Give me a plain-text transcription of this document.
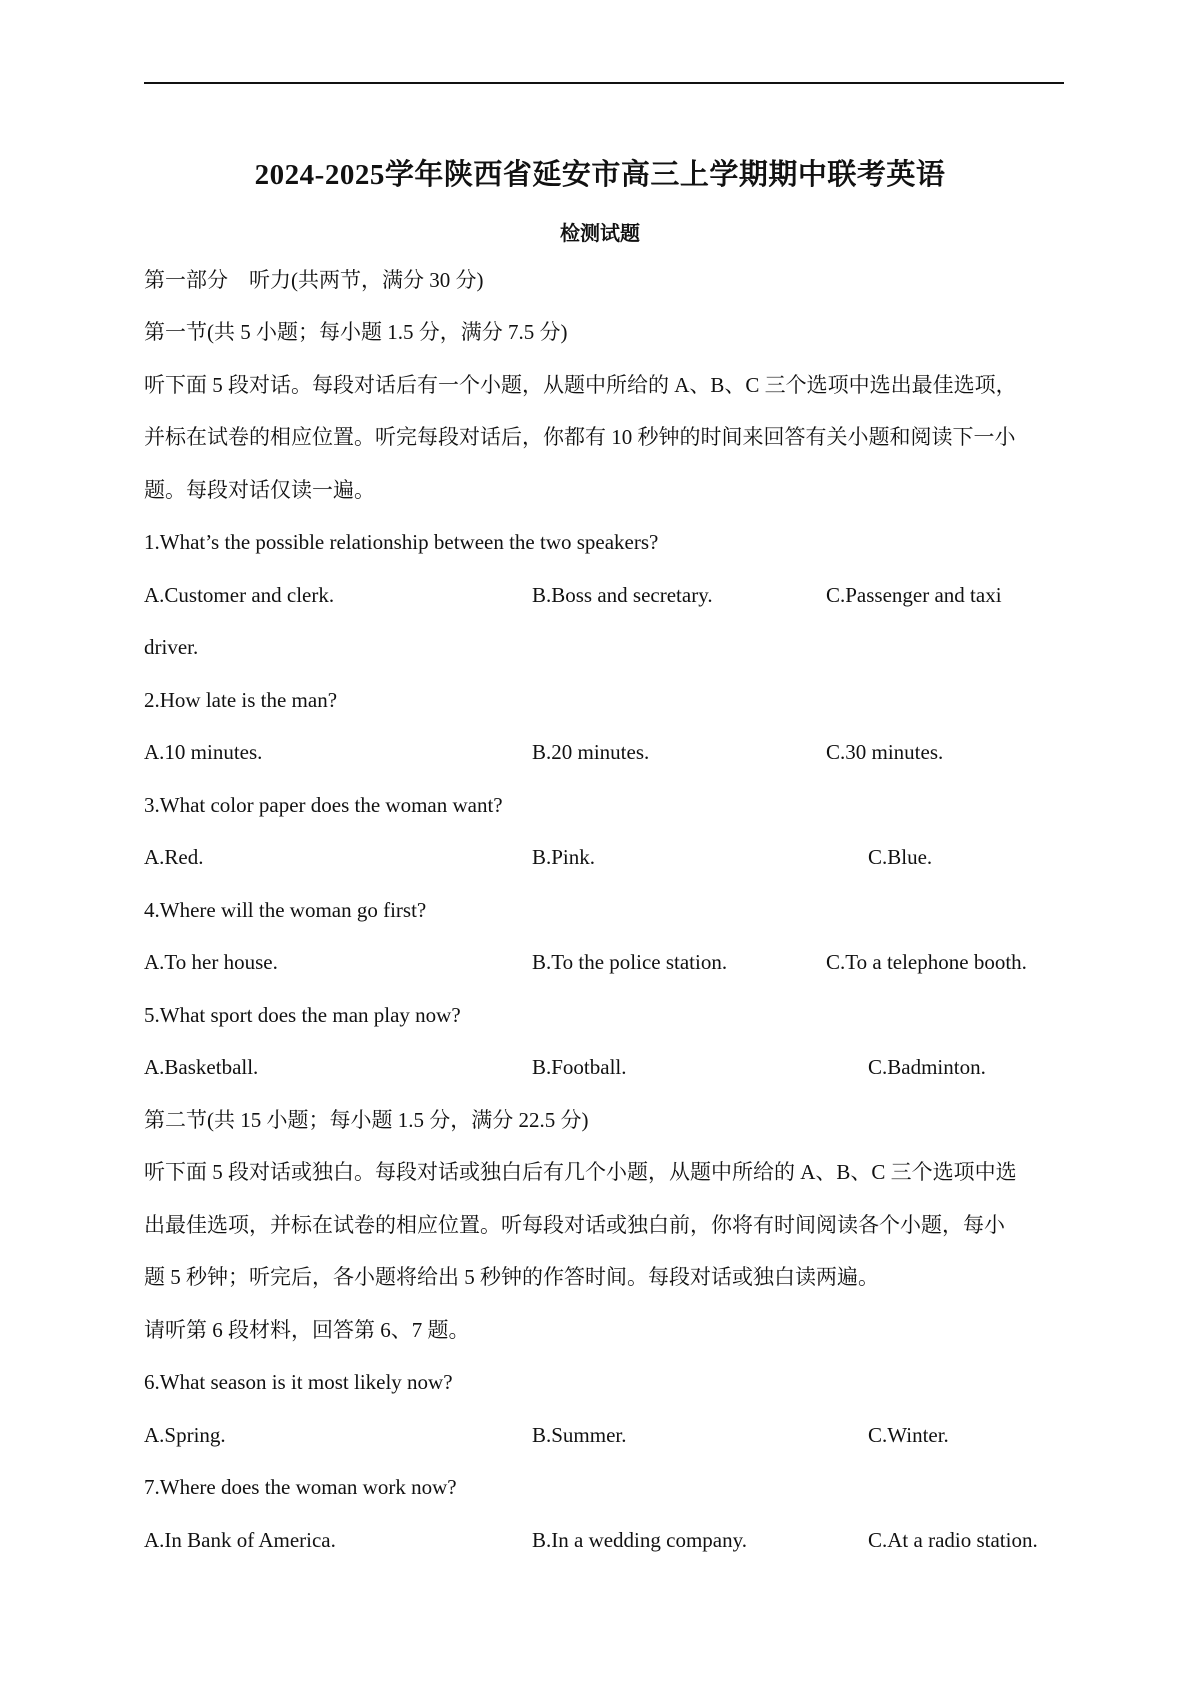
2024-2025学年陕西省延安市高三上学期期中联考英语
检测试题
第一部分　听力(共两节，满分 30 分)
第一节(共 5 小题；每小题 1.5 分，满分 7.5 分)
听下面 5 段对话。每段对话后有一个小题，从题中所给的 A、B、C 三个选项中选出最佳选项，
并标在试卷的相应位置。听完每段对话后，你都有 10 秒钟的时间来回答有关小题和阅读下一小
题。每段对话仅读一遍。
1.What’s the possible relationship between the two speakers?
A.Customer and clerk.	B.Boss and secretary.	C.Passenger and taxi
driver.
2.How late is the man?
A.10 minutes.	B.20 minutes.	C.30 minutes.
3.What color paper does the woman want?
A.Red.	B.Pink.	C.Blue.
4.Where will the woman go first?
A.To her house.	B.To the police station.	C.To a telephone booth.
5.What sport does the man play now?
A.Basketball.	B.Football.	C.Badminton.
第二节(共 15 小题；每小题 1.5 分，满分 22.5 分)
听下面 5 段对话或独白。每段对话或独白后有几个小题，从题中所给的 A、B、C 三个选项中选
出最佳选项，并标在试卷的相应位置。听每段对话或独白前，你将有时间阅读各个小题，每小
题 5 秒钟；听完后，各小题将给出 5 秒钟的作答时间。每段对话或独白读两遍。
请听第 6 段材料，回答第 6、7 题。
6.What season is it most likely now?
A.Spring.	B.Summer.	C.Winter.
7.Where does the woman work now?
A.In Bank of America.	B.In a wedding company.	C.At a radio station.
